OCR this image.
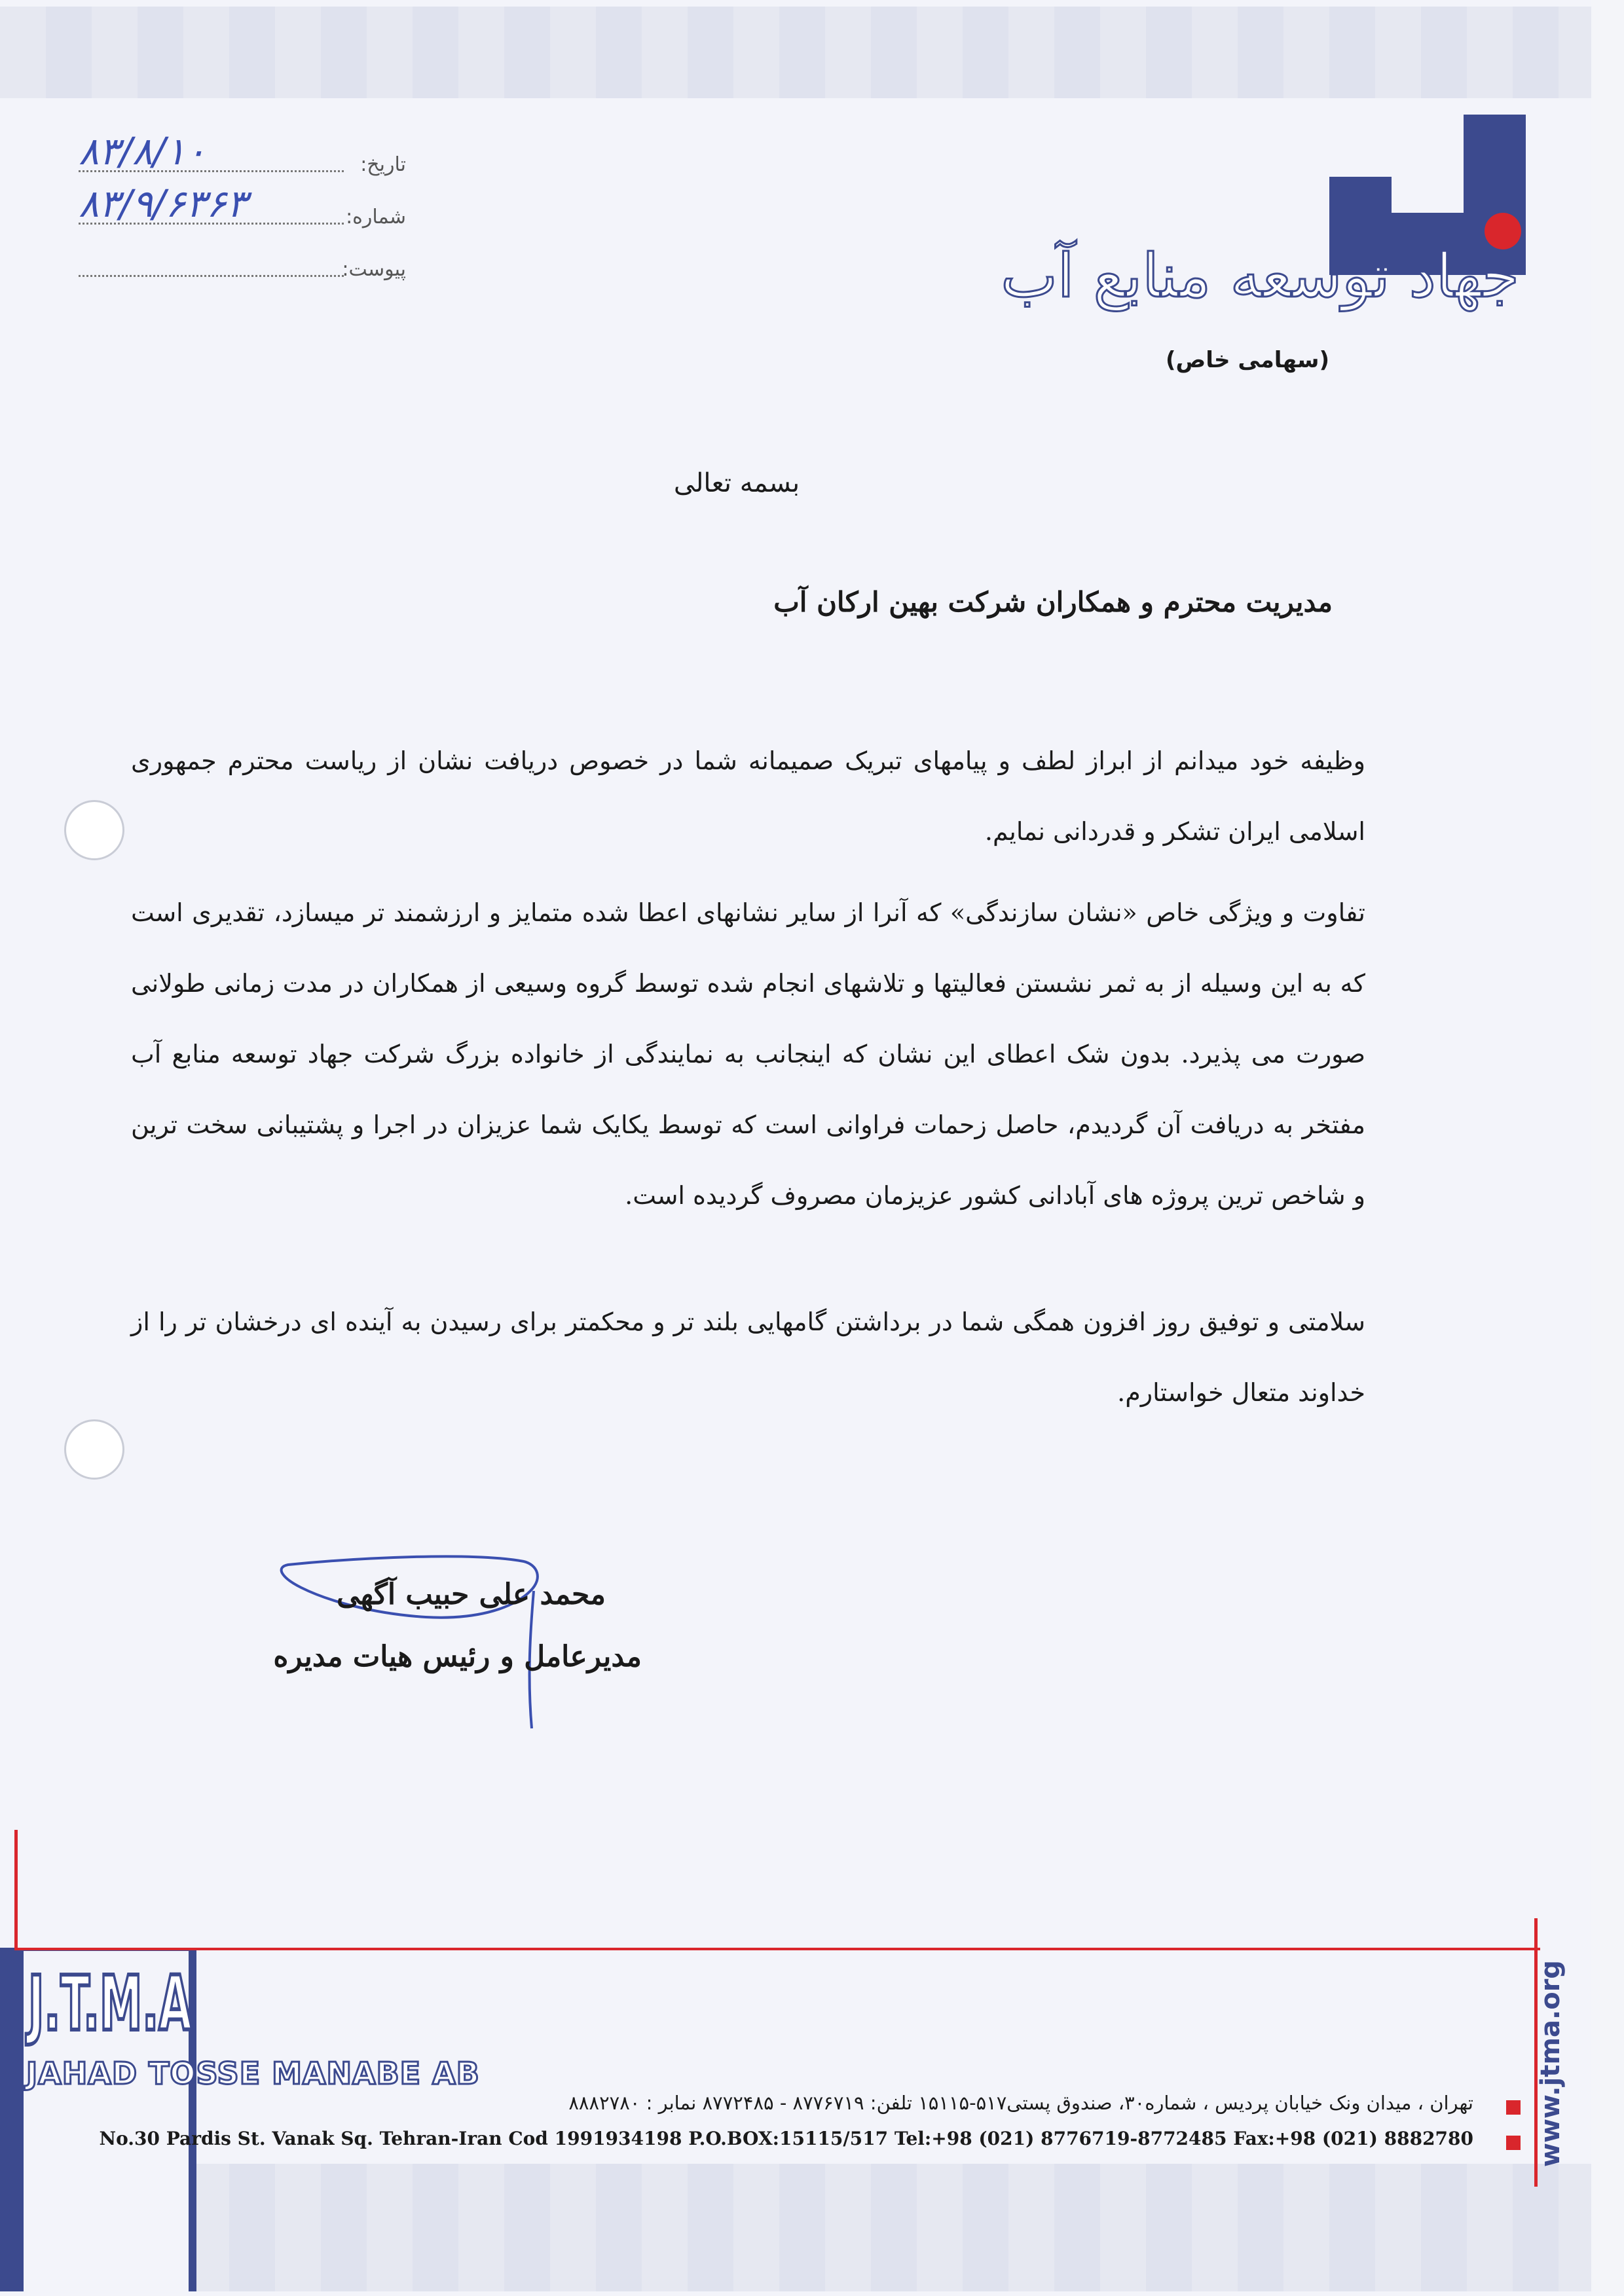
جهاد توسعه منابع آب
(سهامی خاص)
۸۳/۸/۱۰	تاریخ:
۸۳/۹/۶۳۶۳	شماره:
پیوست:
بسمه تعالی
مدیریت محترم و همکاران شرکت بهین ارکان آب
وظیفه خود میدانم از ابراز لطف و پیامهای تبریک صمیمانه شما در خصوص دریافت نشان از ریاست محترم جمهوری اسلامی ایران تشکر و قدردانی نمایم.
تفاوت و ویژگی خاص «نشان سازندگی» که آنرا از سایر نشانهای اعطا شده متمایز و ارزشمند تر میسازد، تقدیری است که به این وسیله از به ثمر نشستن فعالیتها و تلاشهای انجام شده توسط گروه وسیعی از همکاران در مدت زمانی طولانی صورت می پذیرد. بدون شک اعطای این نشان که اینجانب به نمایندگی از خانواده بزرگ شرکت جهاد توسعه منابع آب مفتخر به دریافت آن گردیدم، حاصل زحمات فراوانی است که توسط یکایک شما عزیزان در اجرا و پشتیبانی سخت ترین و شاخص ترین پروژه های آبادانی کشور عزیزمان مصروف گردیده است.
سلامتی و توفیق روز افزون همگی شما در برداشتن گامهایی بلند تر و محکمتر برای رسیدن به آینده ای درخشان تر را از خداوند متعال خواستارم.
محمد علی حبیب آگهی
مدیرعامل و رئیس هیات مدیره
J.T.M.A
JAHAD TOSSE MANABE AB	www.jtma.org
تهران ، میدان ونک خیابان پردیس ، شماره۳۰، صندوق پستی۵۱۷-۱۵۱۱۵ تلفن: ۸۷۷۶۷۱۹ - ۸۷۷۲۴۸۵ نمابر : ۸۸۸۲۷۸۰
No.30 Pardis St. Vanak Sq. Tehran-Iran Cod 1991934198 P.O.BOX:15115/517 Tel:+98 (021) 8776719-8772485 Fax:+98 (021) 8882780
